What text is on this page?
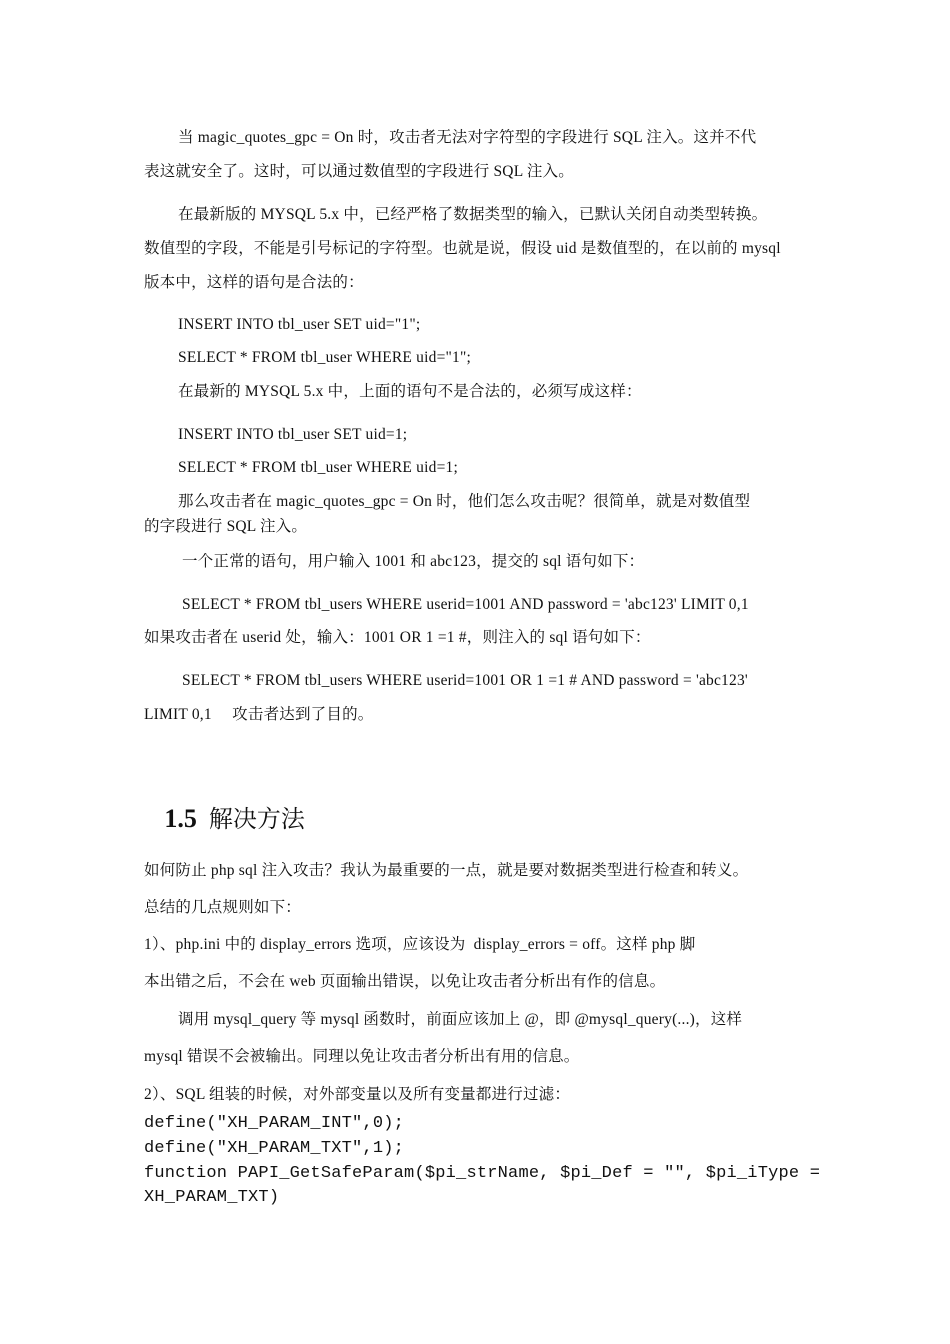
当 magic_quotes_gpc = On 时，攻击者无法对字符型的字段进行 SQL 注入。这并不代
表这就安全了。这时，可以通过数值型的字段进行 SQL 注入。
在最新版的 MYSQL 5.x 中，已经严格了数据类型的输入，已默认关闭自动类型转换。
数值型的字段，不能是引号标记的字符型。也就是说，假设 uid 是数值型的，在以前的 mysql
版本中，这样的语句是合法的：
INSERT INTO tbl_user SET uid="1";
SELECT * FROM tbl_user WHERE uid="1";
在最新的 MYSQL 5.x 中，上面的语句不是合法的，必须写成这样：
INSERT INTO tbl_user SET uid=1;
SELECT * FROM tbl_user WHERE uid=1;
那么攻击者在 magic_quotes_gpc = On 时，他们怎么攻击呢？很简单，就是对数值型
的字段进行 SQL 注入。
一个正常的语句，用户输入 1001 和 abc123，提交的 sql 语句如下：
SELECT * FROM tbl_users WHERE userid=1001 AND password = 'abc123' LIMIT 0,1
如果攻击者在 userid 处，输入：1001 OR 1 =1 #，则注入的 sql 语句如下：
SELECT * FROM tbl_users WHERE userid=1001 OR 1 =1 # AND password = 'abc123'
LIMIT 0,1     攻击者达到了目的。

1.5 解决方法

如何防止 php sql 注入攻击？我认为最重要的一点，就是要对数据类型进行检查和转义。
总结的几点规则如下：
1）、php.ini 中的 display_errors 选项，应该设为  display_errors = off。这样 php 脚
本出错之后，不会在 web 页面输出错误，以免让攻击者分析出有作的信息。
调用 mysql_query 等 mysql 函数时，前面应该加上 @，即 @mysql_query(...)，这样
mysql 错误不会被输出。同理以免让攻击者分析出有用的信息。
2）、SQL 组装的时候，对外部变量以及所有变量都进行过滤：
define("XH_PARAM_INT",0);
define("XH_PARAM_TXT",1);
function PAPI_GetSafeParam($pi_strName, $pi_Def = "", $pi_iType =
XH_PARAM_TXT)
